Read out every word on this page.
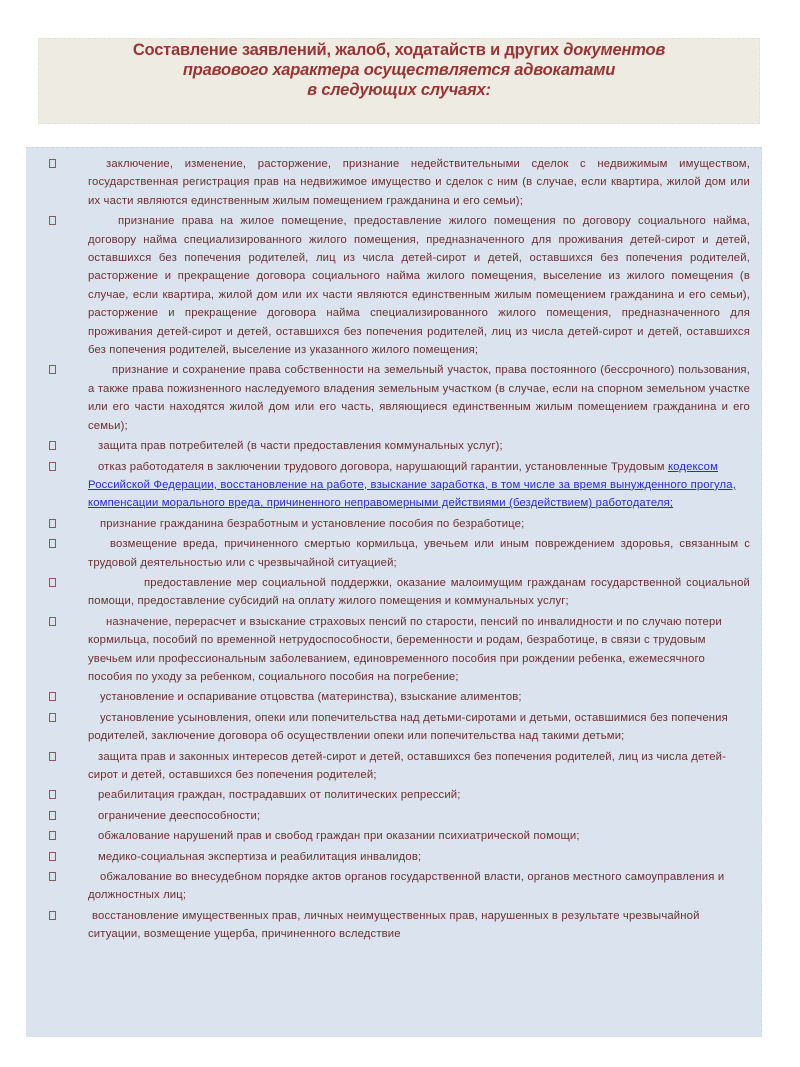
Составление заявлений, жалоб, ходатайств и других документов
правового характера осуществляется адвокатами
в следующих случаях:
заключение, изменение, расторжение, признание недействительными сделок с недвижимым имуществом, государственная регистрация прав на недвижимое имущество и сделок с ним (в случае, если квартира, жилой дом или их части являются единственным жилым помещением гражданина и его семьи);
признание права на жилое помещение, предоставление жилого помещения по договору социального найма, договору найма специализированного жилого помещения, предназначенного для проживания детей-сирот и детей, оставшихся без попечения родителей, лиц из числа детей-сирот и детей, оставшихся без попечения родителей, расторжение и прекращение договора социального найма жилого помещения, выселение из жилого помещения (в случае, если квартира, жилой дом или их части являются единственным жилым помещением гражданина и его семьи), расторжение и прекращение договора найма специализированного жилого помещения, предназначенного для проживания детей-сирот и детей, оставшихся без попечения родителей, лиц из числа детей-сирот и детей, оставшихся без попечения родителей, выселение из указанного жилого помещения;
признание и сохранение права собственности на земельный участок, права постоянного (бессрочного) пользования, а также права пожизненного наследуемого владения земельным участком (в случае, если на спорном земельном участке или его части находятся жилой дом или его часть, являющиеся единственным жилым помещением гражданина и его семьи);
защита прав потребителей (в части предоставления коммунальных услуг);
отказ работодателя в заключении трудового договора, нарушающий гарантии, установленные Трудовым кодексом Российской Федерации, восстановление на работе, взыскание заработка, в том числе за время вынужденного прогула, компенсации морального вреда, причиненного неправомерными действиями (бездействием) работодателя;
признание гражданина безработным и установление пособия по безработице;
возмещение вреда, причиненного смертью кормильца, увечьем или иным повреждением здоровья, связанным с трудовой деятельностью или с чрезвычайной ситуацией;
предоставление мер социальной поддержки, оказание малоимущим гражданам государственной социальной помощи, предоставление субсидий на оплату жилого помещения и коммунальных услуг;
назначение, перерасчет и взыскание страховых пенсий по старости, пенсий по инвалидности и по случаю потери кормильца, пособий по временной нетрудоспособности, беременности и родам, безработице, в связи с трудовым увечьем или профессиональным заболеванием, единовременного пособия при рождении ребенка, ежемесячного пособия по уходу за ребенком, социального пособия на погребение;
установление и оспаривание отцовства (материнства), взыскание алиментов;
установление усыновления, опеки или попечительства над детьми-сиротами и детьми, оставшимися без попечения родителей, заключение договора об осуществлении опеки или попечительства над такими детьми;
защита прав и законных интересов детей-сирот и детей, оставшихся без попечения родителей, лиц из числа детей-сирот и детей, оставшихся без попечения родителей;
реабилитация граждан, пострадавших от политических репрессий;
ограничение дееспособности;
обжалование нарушений прав и свобод граждан при оказании психиатрической помощи;
медико-социальная экспертиза и реабилитация инвалидов;
обжалование во внесудебном порядке актов органов государственной власти, органов местного самоуправления и должностных лиц;
восстановление имущественных прав, личных неимущественных прав, нарушенных в результате чрезвычайной ситуации, возмещение ущерба, причиненного вследствие
